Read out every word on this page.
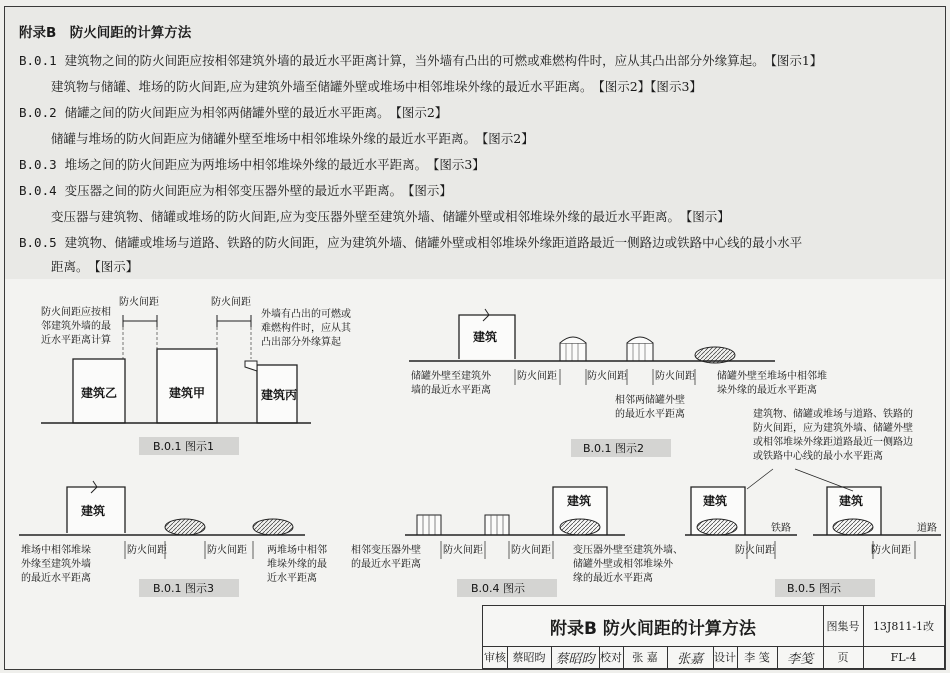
附录B　防火间距的计算方法
B.0.1 建筑物之间的防火间距应按相邻建筑外墙的最近水平距离计算，当外墙有凸出的可燃或难燃构件时，应从其凸出部分外缘算起。 【图示1】
建筑物与储罐、堆场的防火间距,应为建筑外墙至储罐外壁或堆场中相邻堆垛外缘的最近水平距离。 【图示2】【图示3】
B.0.2 储罐之间的防火间距应为相邻两储罐外壁的最近水平距离。 【图示2】
储罐与堆场的防火间距应为储罐外壁至堆场中相邻堆垛外缘的最近水平距离。 【图示2】
B.0.3 堆场之间的防火间距应为两堆场中相邻堆垛外缘的最近水平距离。 【图示3】
B.0.4 变压器之间的防火间距应为相邻变压器外壁的最近水平距离。 【图示】
变压器与建筑物、储罐或堆场的防火间距,应为变压器外壁至建筑外墙、储罐外壁或相邻堆垛外缘的最近水平距离。 【图示】
B.0.5 建筑物、储罐或堆场与道路、铁路的防火间距，应为建筑外墙、储罐外壁或相邻堆垛外缘距道路最近一侧路边或铁路中心线的最小水平
距离。 【图示】
防火间距应按相
邻建筑外墙的最
近水平距离计算
防火间距	防火间距
外墙有凸出的可燃或
难燃构件时，应从其
凸出部分外缘算起
建筑乙	建筑甲	建筑丙
B.0.1 图示1
建筑
防火间距	防火间距	防火间距
储罐外壁至建筑外
墙的最近水平距离
相邻两储罐外壁
的最近水平距离
储罐外壁至堆场中相邻堆
垛外缘的最近水平距离
B.0.1 图示2
建筑物、储罐或堆场与道路、铁路的
防火间距，应为建筑外墙、储罐外壁
或相邻堆垛外缘距道路最近一侧路边
或铁路中心线的最小水平距离
建筑
防火间距	防火间距
堆场中相邻堆垛
外缘至建筑外墙
的最近水平距离
两堆场中相邻
堆垛外缘的最
近水平距离
B.0.1 图示3
建筑
防火间距	防火间距
相邻变压器外壁
的最近水平距离
变压器外壁至建筑外墙、
储罐外壁或相邻堆垛外
缘的最近水平距离
B.0.4 图示
建筑
铁路
防火间距
建筑
道路
防火间距
B.0.5 图示
附录B 防火间距的计算方法	图集号	13J811-1改
审核 蔡昭昀 蔡昭昀 校对 张 嘉	张嘉	设计 李 笺	李笺	页	FL-4
